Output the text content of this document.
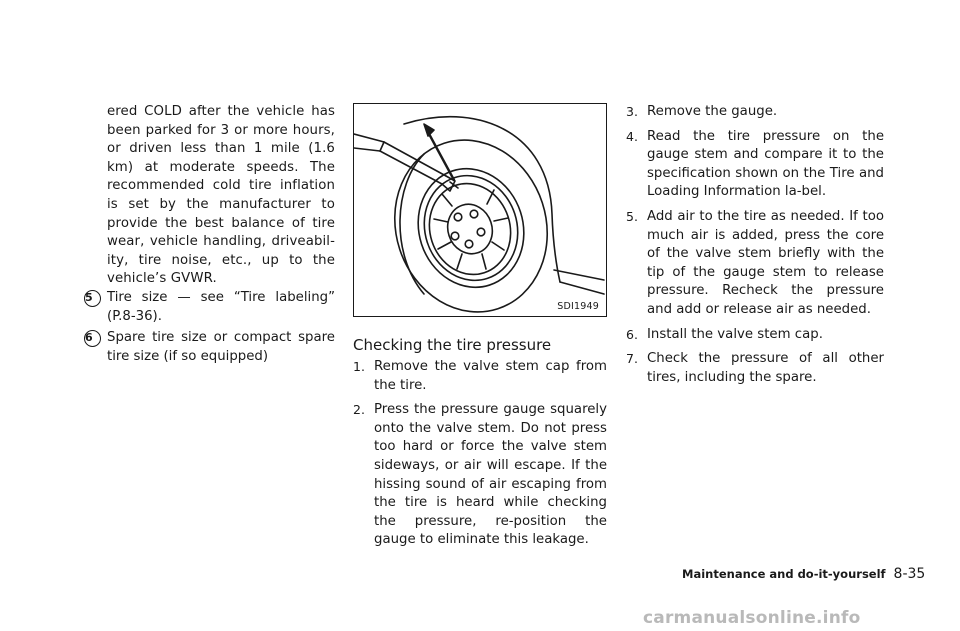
ered COLD after the vehicle has been parked for 3 or more hours, or driven less than 1 mile (1.6 km) at moderate speeds. The recommended cold tire inflation is set by the manufacturer to provide the best balance of tire wear, vehicle handling, driveabil-ity, tire noise, etc., up to the vehicle’s GVWR.

5	Tire size — see “Tire labeling” (P.8-36).
6	Spare tire size or compact spare tire size (if so equipped)
SDI1949
Checking the tire pressure
1. Remove the valve stem cap from the tire.
2. Press the pressure gauge squarely onto the valve stem. Do not press too hard or force the valve stem sideways, or air will escape. If the hissing sound of air escaping from the tire is heard while checking the pressure, re-position the gauge to eliminate this leakage.
3. Remove the gauge.
4. Read the tire pressure on the gauge stem and compare it to the specification shown on the Tire and Loading Information la-bel.
5. Add air to the tire as needed. If too much air is added, press the core of the valve stem briefly with the tip of the gauge stem to release pressure. Recheck the pressure and add or release air as needed.
6. Install the valve stem cap.
7. Check the pressure of all other tires, including the spare.
Maintenance and do-it-yourself 8-35
carmanualsonline.info
